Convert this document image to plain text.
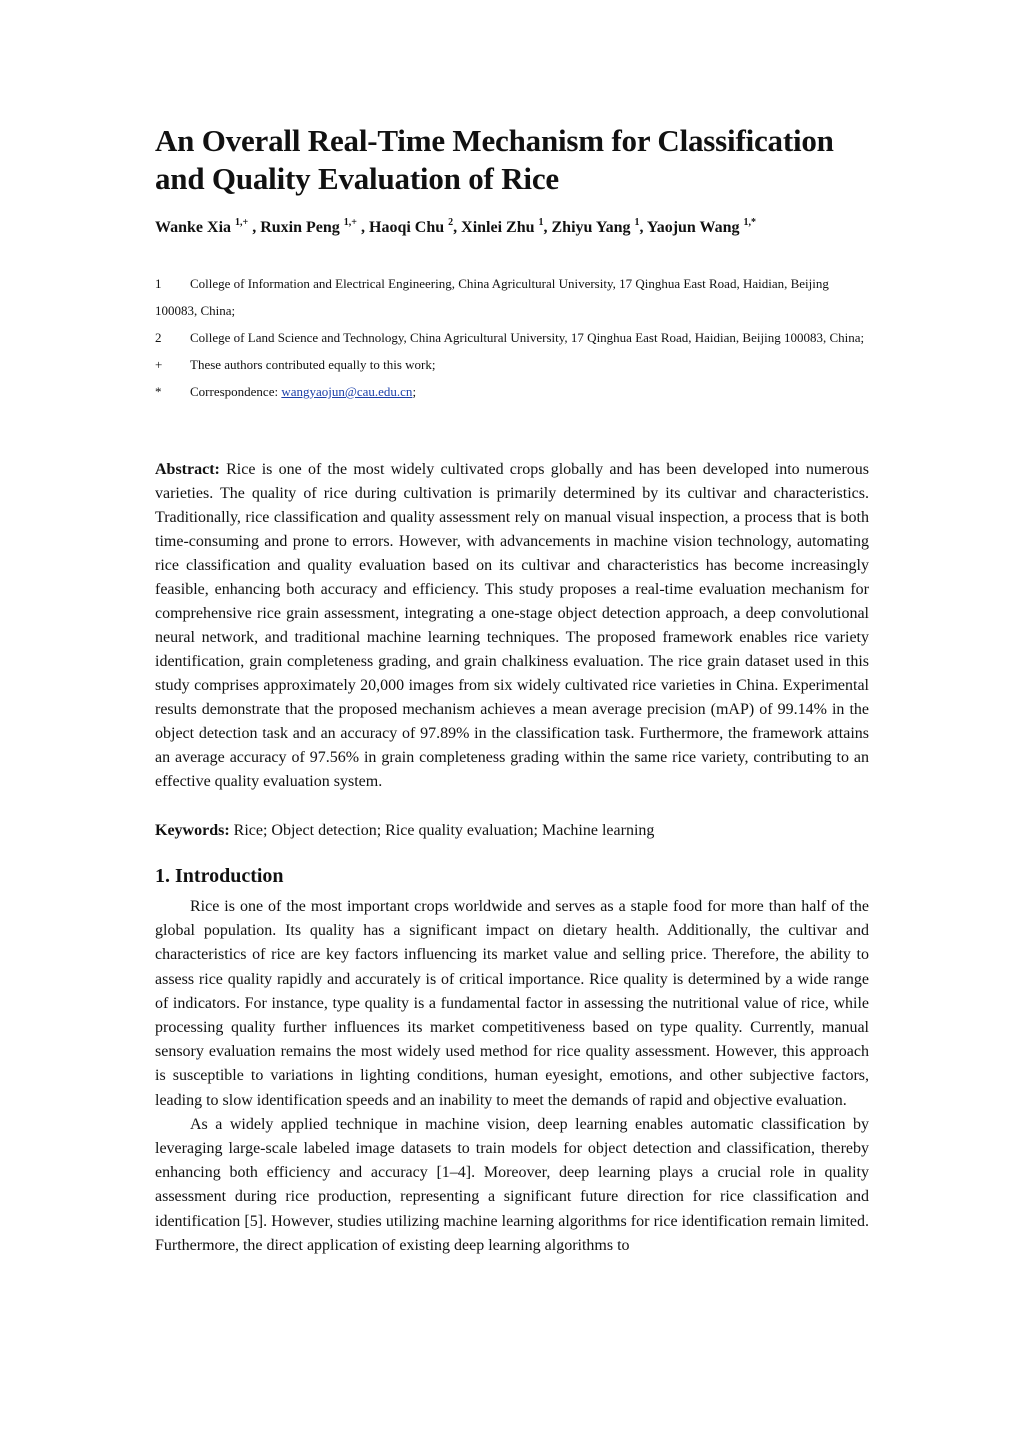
An Overall Real-Time Mechanism for Classification and Quality Evaluation of Rice
Wanke Xia $^{1,+}$ , Ruxin Peng $^{1,+}$ , Haoqi Chu $^2$, Xinlei Zhu $^1$, Zhiyu Yang $^1$, Yaojun Wang $^{1,*}$
1 College of Information and Electrical Engineering, China Agricultural University, 17 Qinghua East Road, Haidian, Beijing 100083, China;
2 College of Land Science and Technology, China Agricultural University, 17 Qinghua East Road, Haidian, Beijing 100083, China;
+ These authors contributed equally to this work;
* Correspondence: wangyaojun@cau.edu.cn;

Abstract: Rice is one of the most widely cultivated crops globally and has been developed into numerous varieties. The quality of rice during cultivation is primarily determined by its cultivar and characteristics. Traditionally, rice classification and quality assessment rely on manual visual inspection, a process that is both time-consuming and prone to errors. However, with advancements in machine vision technology, automating rice classification and quality evaluation based on its cultivar and characteristics has become increasingly feasible, enhancing both accuracy and efficiency. This study proposes a real-time evaluation mechanism for comprehensive rice grain assessment, integrating a one-stage object detection approach, a deep convolutional neural network, and traditional machine learning techniques. The proposed framework enables rice variety identification, grain completeness grading, and grain chalkiness evaluation. The rice grain dataset used in this study comprises approximately 20,000 images from six widely cultivated rice varieties in China. Experimental results demonstrate that the proposed mechanism achieves a mean average precision (mAP) of 99.14% in the object detection task and an accuracy of 97.89% in the classification task. Furthermore, the framework attains an average accuracy of 97.56% in grain completeness grading within the same rice variety, contributing to an effective quality evaluation system.

Keywords: Rice; Object detection; Rice quality evaluation; Machine learning

1. Introduction

Rice is one of the most important crops worldwide and serves as a staple food for more than half of the global population. Its quality has a significant impact on dietary health. Additionally, the cultivar and characteristics of rice are key factors influencing its market value and selling price. Therefore, the ability to assess rice quality rapidly and accurately is of critical importance. Rice quality is determined by a wide range of indicators. For instance, type quality is a fundamental factor in assessing the nutritional value of rice, while processing quality further influences its market competitiveness based on type quality. Currently, manual sensory evaluation remains the most widely used method for rice quality assessment. However, this approach is susceptible to variations in lighting conditions, human eyesight, emotions, and other subjective factors, leading to slow identification speeds and an inability to meet the demands of rapid and objective evaluation.

As a widely applied technique in machine vision, deep learning enables automatic classification by leveraging large-scale labeled image datasets to train models for object detection and classification, thereby enhancing both efficiency and accuracy [1–4]. Moreover, deep learning plays a crucial role in quality assessment during rice production, representing a significant future direction for rice classification and identification [5]. However, studies utilizing machine learning algorithms for rice identification remain limited. Furthermore, the direct application of existing deep learning algorithms to
